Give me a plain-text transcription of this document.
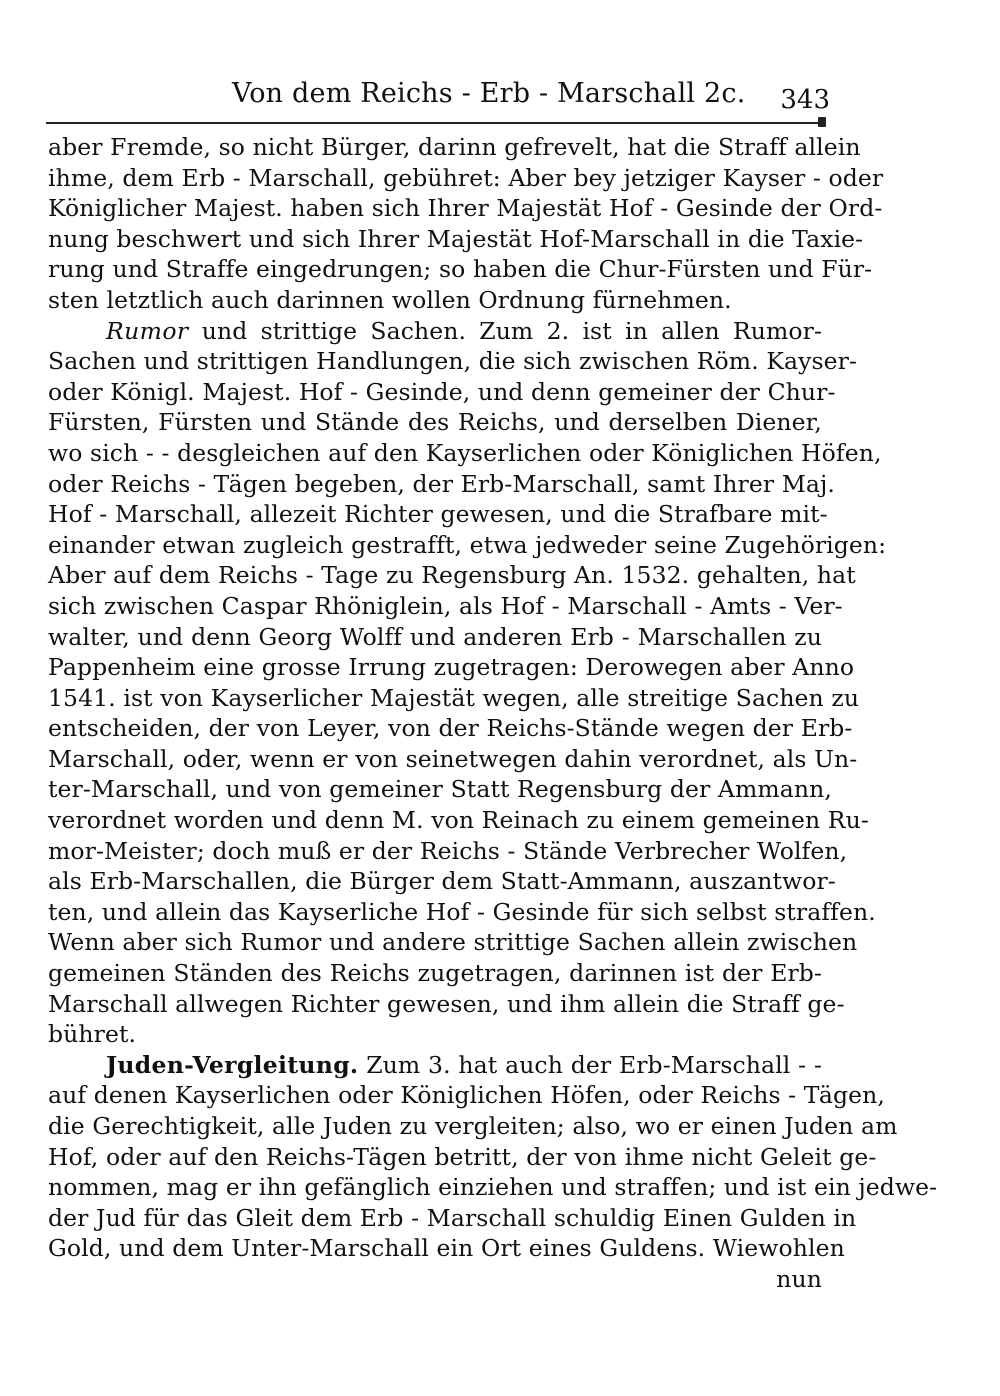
Von dem Reichs - Erb - Marschall 2c.	343
aber Fremde, so nicht Bürger, darinn gefrevelt, hat die Straff allein
ihme, dem Erb - Marschall, gebühret: Aber bey jetziger Kayser - oder
Königlicher Majest. haben sich Ihrer Majestät Hof - Gesinde der Ord-
nung beschwert und sich Ihrer Majestät Hof-Marschall in die Taxie-
rung und Straffe eingedrungen; so haben die Chur-Fürsten und Für-
sten letztlich auch darinnen wollen Ordnung fürnehmen.
Rumor und strittige Sachen. Zum 2. ist in allen Rumor-
Sachen und strittigen Handlungen, die sich zwischen Röm. Kayser-
oder Königl. Majest. Hof - Gesinde, und denn gemeiner der Chur-
Fürsten, Fürsten und Stände des Reichs, und derselben Diener,
wo sich - - desgleichen auf den Kayserlichen oder Königlichen Höfen,
oder Reichs - Tägen begeben, der Erb-Marschall, samt Ihrer Maj.
Hof - Marschall, allezeit Richter gewesen, und die Strafbare mit-
einander etwan zugleich gestrafft, etwa jedweder seine Zugehörigen:
Aber auf dem Reichs - Tage zu Regensburg An. 1532. gehalten, hat
sich zwischen Caspar Rhöniglein, als Hof - Marschall - Amts - Ver-
walter, und denn Georg Wolff und anderen Erb - Marschallen zu
Pappenheim eine grosse Irrung zugetragen: Derowegen aber Anno
1541. ist von Kayserlicher Majestät wegen, alle streitige Sachen zu
entscheiden, der von Leyer, von der Reichs-Stände wegen der Erb-
Marschall, oder, wenn er von seinetwegen dahin verordnet, als Un-
ter-Marschall, und von gemeiner Statt Regensburg der Ammann,
verordnet worden und denn M. von Reinach zu einem gemeinen Ru-
mor-Meister; doch muß er der Reichs - Stände Verbrecher Wolfen,
als Erb-Marschallen, die Bürger dem Statt-Ammann, auszantwor-
ten, und allein das Kayserliche Hof - Gesinde für sich selbst straffen.
Wenn aber sich Rumor und andere strittige Sachen allein zwischen
gemeinen Ständen des Reichs zugetragen, darinnen ist der Erb-
Marschall allwegen Richter gewesen, und ihm allein die Straff ge-
bühret.
Juden-Vergleitung. Zum 3. hat auch der Erb-Marschall - -
auf denen Kayserlichen oder Königlichen Höfen, oder Reichs - Tägen,
die Gerechtigkeit, alle Juden zu vergleiten; also, wo er einen Juden am
Hof, oder auf den Reichs-Tägen betritt, der von ihme nicht Geleit ge-
nommen, mag er ihn gefänglich einziehen und straffen; und ist ein jedwe-
der Jud für das Gleit dem Erb - Marschall schuldig Einen Gulden in
Gold, und dem Unter-Marschall ein Ort eines Guldens. Wiewohlen
nun
